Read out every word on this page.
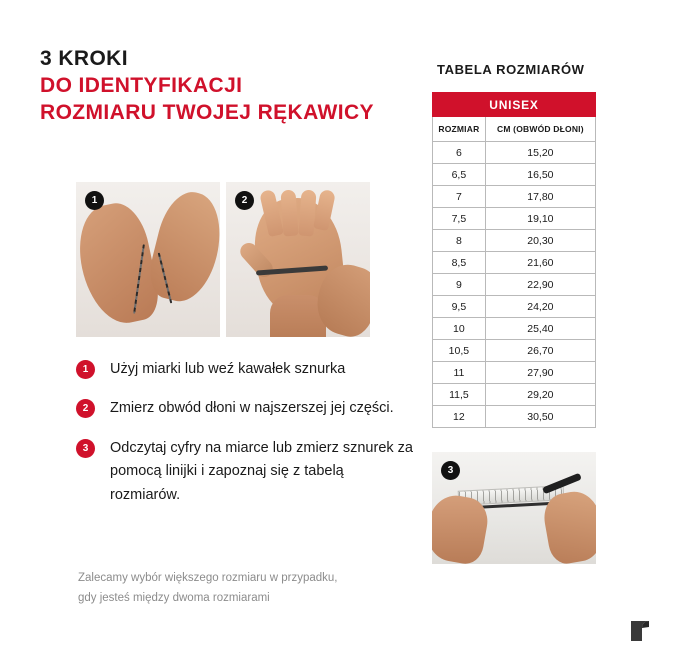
3 KROKI
DO IDENTYFIKACJI
ROZMIARU TWOJEJ RĘKAWICY
1	2
1	Użyj miarki lub weź kawałek sznurka
2	Zmierz obwód dłoni w najszerszej jej części.
3	Odczytaj cyfry na miarce lub zmierz sznurek za pomocą linijki i zapoznaj się z tabelą rozmiarów.
Zalecamy wybór większego rozmiaru w przypadku,
gdy jesteś między dwoma rozmiarami
TABELA ROZMIARÓW
UNISEX	
ROZMIAR	CM (OBWÓD DŁONI)
6	15,20
6,5	16,50
7	17,80
7,5	19,10
8	20,30
8,5	21,60
9	22,90
9,5	24,20
10	25,40
10,5	26,70
11	27,90
11,5	29,20
12	30,50
3
